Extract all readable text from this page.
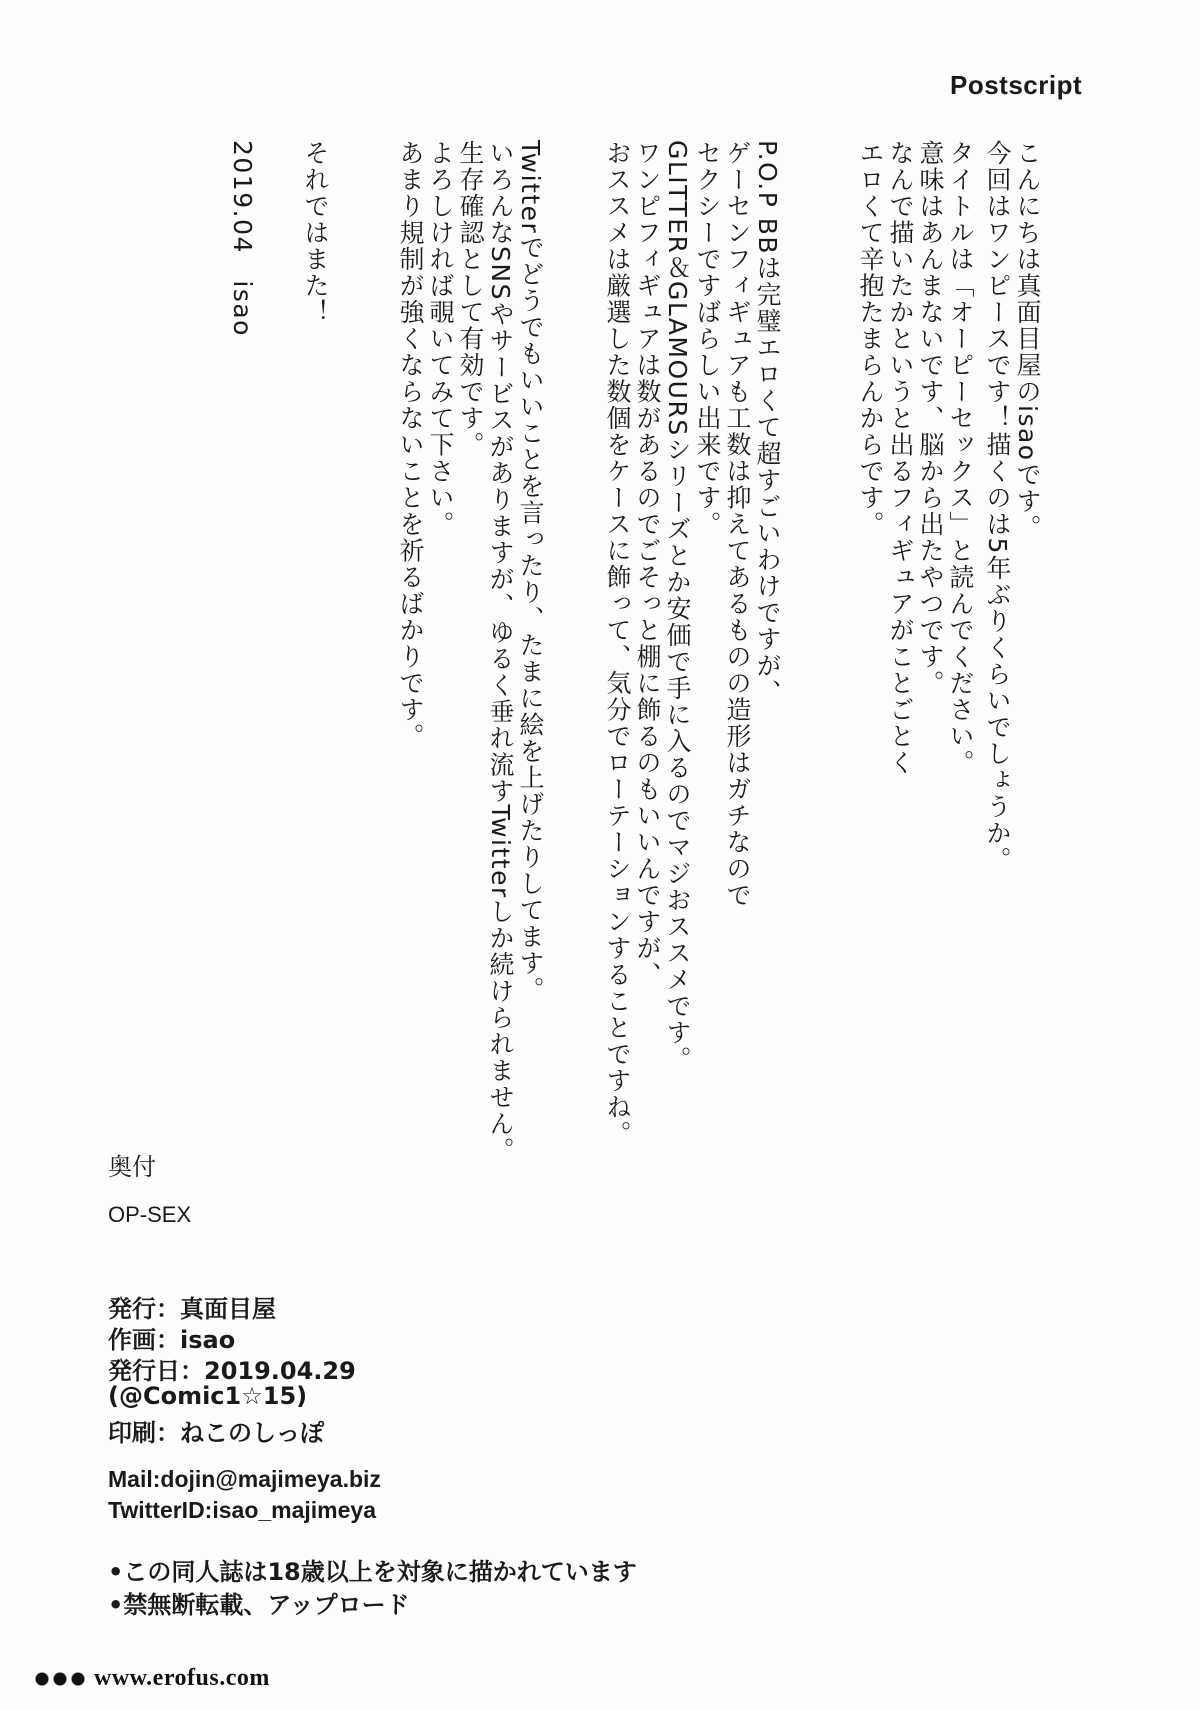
Postscript
こんにちは真面目屋のisaoです。
今回はワンピースです！描くのは5年ぶりくらいでしょうか。
タイトルは「オーピーセックス」と読んでください。
意味はあんまないです、脳から出たやつです。
なんで描いたかというと出るフィギュアがことごとく
エロくて辛抱たまらんからです。
P.O.P BBは完璧エロくて超すごいわけですが、
ゲーセンフィギュアも工数は抑えてあるものの造形はガチなので
セクシーですばらしい出来です。
GLITTER＆GLAMOURSシリーズとか安価で手に入るのでマジおススメです。
ワンピフィギュアは数があるのでごそっと棚に飾るのもいいんですが、
おススメは厳選した数個をケースに飾って、気分でローテーションすることですね。
Twitterでどうでもいいことを言ったり、たまに絵を上げたりしてます。
いろんなSNSやサービスがありますが、ゆるく垂れ流すTwitterしか続けられません。
生存確認として有効です。
よろしければ覗いてみて下さい。
あまり規制が強くならないことを祈るばかりです。
それではまた！
2019.04　isao
奥付
OP-SEX
発行：真面目屋
作画：isao
発行日：2019.04.29
(@Comic1☆15)
印刷：ねこのしっぽ
Mail:dojin@majimeya.biz
TwitterID:isao_majimeya
•この同人誌は18歳以上を対象に描かれています
•禁無断転載、アップロード
www.erofus.com
